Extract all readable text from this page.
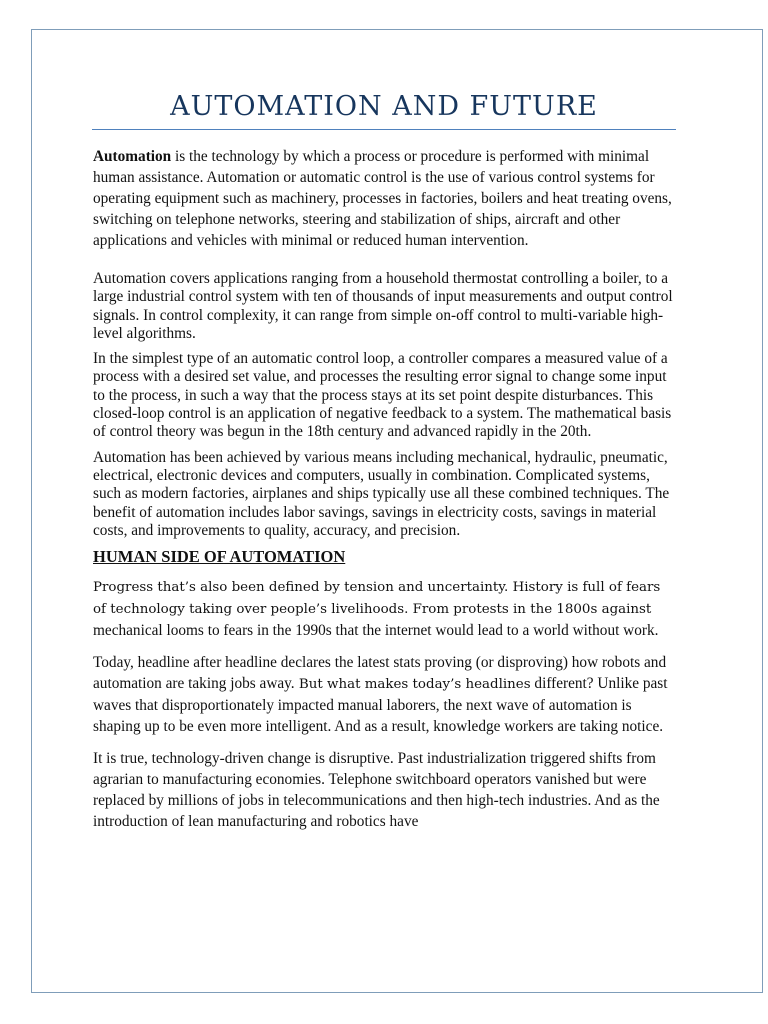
AUTOMATION AND FUTURE

Automation is the technology by which a process or procedure is performed with minimal human assistance. Automation or automatic control is the use of various control systems for operating equipment such as machinery, processes in factories, boilers and heat treating ovens, switching on telephone networks, steering and stabilization of ships, aircraft and other applications and vehicles with minimal or reduced human intervention.

Automation covers applications ranging from a household thermostat controlling a boiler, to a large industrial control system with ten of thousands of input measurements and output control signals. In control complexity, it can range from simple on-off control to multi-variable high-level algorithms.

In the simplest type of an automatic control loop, a controller compares a measured value of a process with a desired set value, and processes the resulting error signal to change some input to the process, in such a way that the process stays at its set point despite disturbances. This closed-loop control is an application of negative feedback to a system. The mathematical basis of control theory was begun in the 18th century and advanced rapidly in the 20th.

Automation has been achieved by various means including mechanical, hydraulic, pneumatic, electrical, electronic devices and computers, usually in combination. Complicated systems, such as modern factories, airplanes and ships typically use all these combined techniques. The benefit of automation includes labor savings, savings in electricity costs, savings in material costs, and improvements to quality, accuracy, and precision.

HUMAN SIDE OF AUTOMATION

Progress that’s also been defined by tension and uncertainty. History is full of fears of technology taking over people’s livelihoods. From protests in the 1800s against mechanical looms to fears in the 1990s that the internet would lead to a world without work.

Today, headline after headline declares the latest stats proving (or disproving) how robots and automation are taking jobs away. But what makes today’s headlines different? Unlike past waves that disproportionately impacted manual laborers, the next wave of automation is shaping up to be even more intelligent. And as a result, knowledge workers are taking notice.

It is true, technology-driven change is disruptive. Past industrialization triggered shifts from agrarian to manufacturing economies. Telephone switchboard operators vanished but were replaced by millions of jobs in telecommunications and then high-tech industries. And as the introduction of lean manufacturing and robotics have
